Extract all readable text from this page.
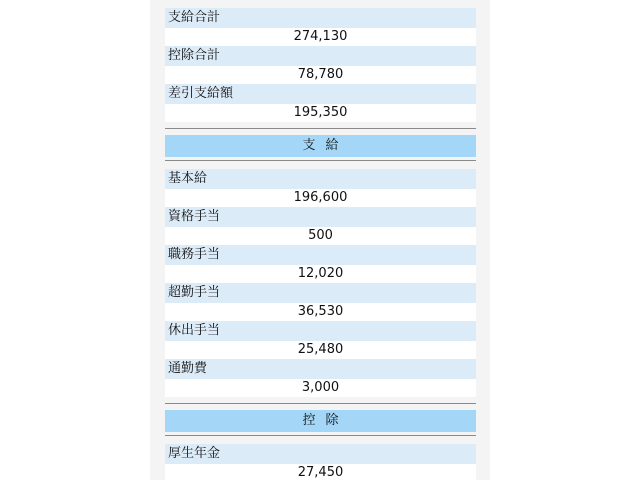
支給合計
274,130
控除合計
78,780
差引支給額
195,350
支給
基本給
196,600
資格手当
500
職務手当
12,020
超勤手当
36,530
休出手当
25,480
通勤費
3,000
控除
厚生年金
27,450
